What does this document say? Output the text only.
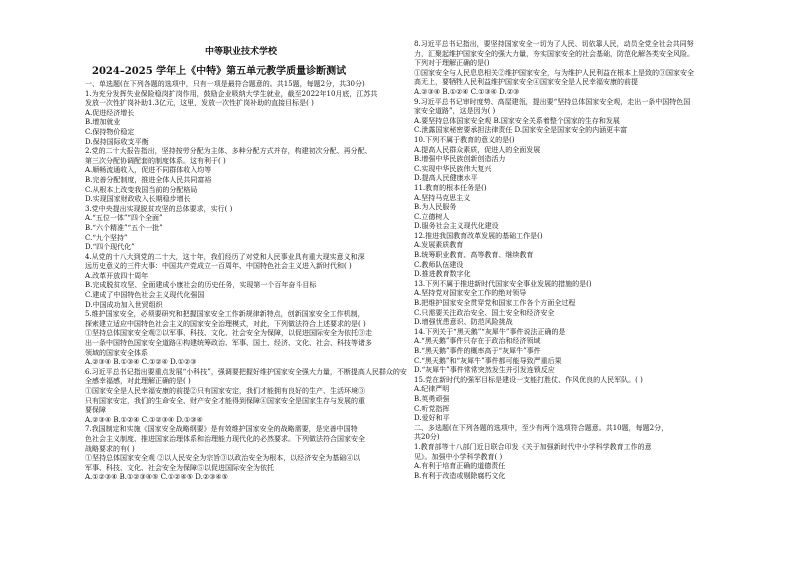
中等职业技术学校
2024–2025 学年上《中特》第五单元教学质量诊断测试
一、单选题(在下列各题的选项中，只有一项是最符合题意的。共15题，每题2分，共30分)
1.为充分发挥失业保险稳岗扩岗作用，鼓励企业吸纳大学生就业，截至2022年10月底，江苏共
发放一次性扩岗补助1.3亿元，这里，发放一次性扩岗补助的直接目标是( )
A.促进经济增长
B.增加就业
C.保持物价稳定
D.保持国际收支平衡
2.党的二十大报告指出，坚持按劳分配为主体、多种分配方式并存，构建初次分配、再分配、
第三次分配协调配套的制度体系。这有利于( )
A.顺畅流通收入，促进不同群体收入均等
B.完善分配制度，推进全体人民共同富裕
C.从根本上改变我国当前的分配格局
D.实现国家财政收入长期稳步增长
3.党中央提出实现脱贫攻坚的总体要求，实行( )
A.“五位一体”“四个全面”
B.“六个精准”“五个一批”
C.“九个坚持”
D.“四个现代化”
4.从党的十八大到党的二十大，这十年，我们经历了对党和人民事业具有重大现实意义和深
远历史意义的三件大事：中国共产党成立一百周年、中国特色社会主义进入新时代和( )
A.改革开放四十周年
B.完成脱贫攻坚、全面建成小康社会的历史任务，实现第一个百年奋斗目标
C.建成了中国特色社会主义现代化强国
D.中国成功加入世贸组织
5.维护国家安全，必须要研究和把握国家安全工作新规律新特点，创新国家安全工作机制，
探索建立适应中国特色社会主义的国家安全治理模式，对此，下列做法符合上述要求的是( )
①坚持总体国家安全观②以军事、科技、文化、社会安全为保障，以促进国际安全为依托③走
出一条中国特色国家安全道路④构建统筹政治、军事、国土、经济、文化、社会、科技等诸多
领域的国家安全体系
A.②③④ B.①③④ C.①②④ D.①②③
6.习近平总书记指出要重点发展“小科技”，强调要把握好维护国家安全强大力量，不断提高人民群众的安
全感幸福感，对此理解正确的是( )
①国家安全是人民幸福安康的前提②只有国家安定，我们才能拥有良好的生产、生活环境③
只有国家安定，我们的生命安全、财产安全才能得到保障④国家安全是国家生存与发展的重
要保障
A.②③④ B.①②④ C.①②③④ D.①③④
7.我国制定和实施《国家安全战略纲要》是有效维护国家安全的战略需要，是完善中国特
色社会主义制度、推进国家治理体系和治理能力现代化的必然要求。下列做法符合国家安全
战略要求的有( )
①坚持总体国家安全观 ②以人民安全为宗旨③以政治安全为根本，以经济安全为基础④以
军事、科技、文化、社会安全为保障⑤以促进国际安全为依托
A.①②③④ B.①②③④⑤ C.①②④⑤ D.②③④⑤
8.习近平总书记指出，要坚持国家安全一切为了人民、切依靠人民，动员全党全社会共同努
力，汇聚起维护国家安全的强大力量，夯实国家安全的社会基础，防范化解各类安全风险。
下列对于理解正确的是()
①国家安全与人民息息相关②维护国家安全，与为维护人民利益在根本上是致的③国家安全
高无上，要牺牲人民利益维护国家安全④国家安全是人民幸福安康的前提
A.②③④ B.①②④ C.①③④ D.②③
9.习近平总书记审时度势、高屋建瓴，提出要“坚持总体国家安全观，走出一条中国特色国
家安全道路”，这是因为( )
A.要坚持总体国家安全观 B.国家安全关系着整个国家的生存和发展
C.泄露国家秘密要承担法律责任 D.国家安全是国家安全的内涵更丰富
10.下列不属于教育的意义的是()
A.提高人民群众素质，促进人的全面发展
B.增强中华民族创新创造活力
C.实现中华民族伟大复兴
D.提高人民健康水平
11.教育的根本任务是()
A.坚持马克思主义
B.为人民服务
C.立德树人
D.服务社会主义现代化建设
12.推进我国教育改革发展的基础工作是()
A.发展素质教育
B.统筹职业教育、高等教育、继续教育
C.教师队伍建设
D.推进教育数字化
13.下列不属于推进新时代国家安全事业发展的措施的是()
A.坚持党对国家安全工作的绝对领导
B.把维护国家安全贯穿党和国家工作各个方面全过程
C.只需要关注政治安全、国土安全和经济安全
D.增强忧患意识、防范风险挑战
14.下列关于“黑天鹅”“灰犀牛”事件说法正确的是
A.“黑天鹅”事件只存在于政治和经济领域
B.“黑天鹅”事件的概率高于“灰犀牛”事件
C.“黑天鹅”和“灰犀牛”事件都可能导致严重后果
D.“灰犀牛”事件常常突然发生并引发连锁反应
15.党在新时代的强军目标是建设一支能打胜仗、作风优良的人民军队。( )
A.纪律严明
B.英勇顽强
C.听党指挥
D.爱好和平
二、多选题(在下列各题的选项中，至少有两个选项符合题意。共10题，每题2分，
共20分)
1.教育部等十八部门近日联合印发《关于加强新时代中小学科学教育工作的意
见》。加强中小学科学教育( )
A.有利于培育正确的道德责任
B.有利于改造或剔除腐朽文化
